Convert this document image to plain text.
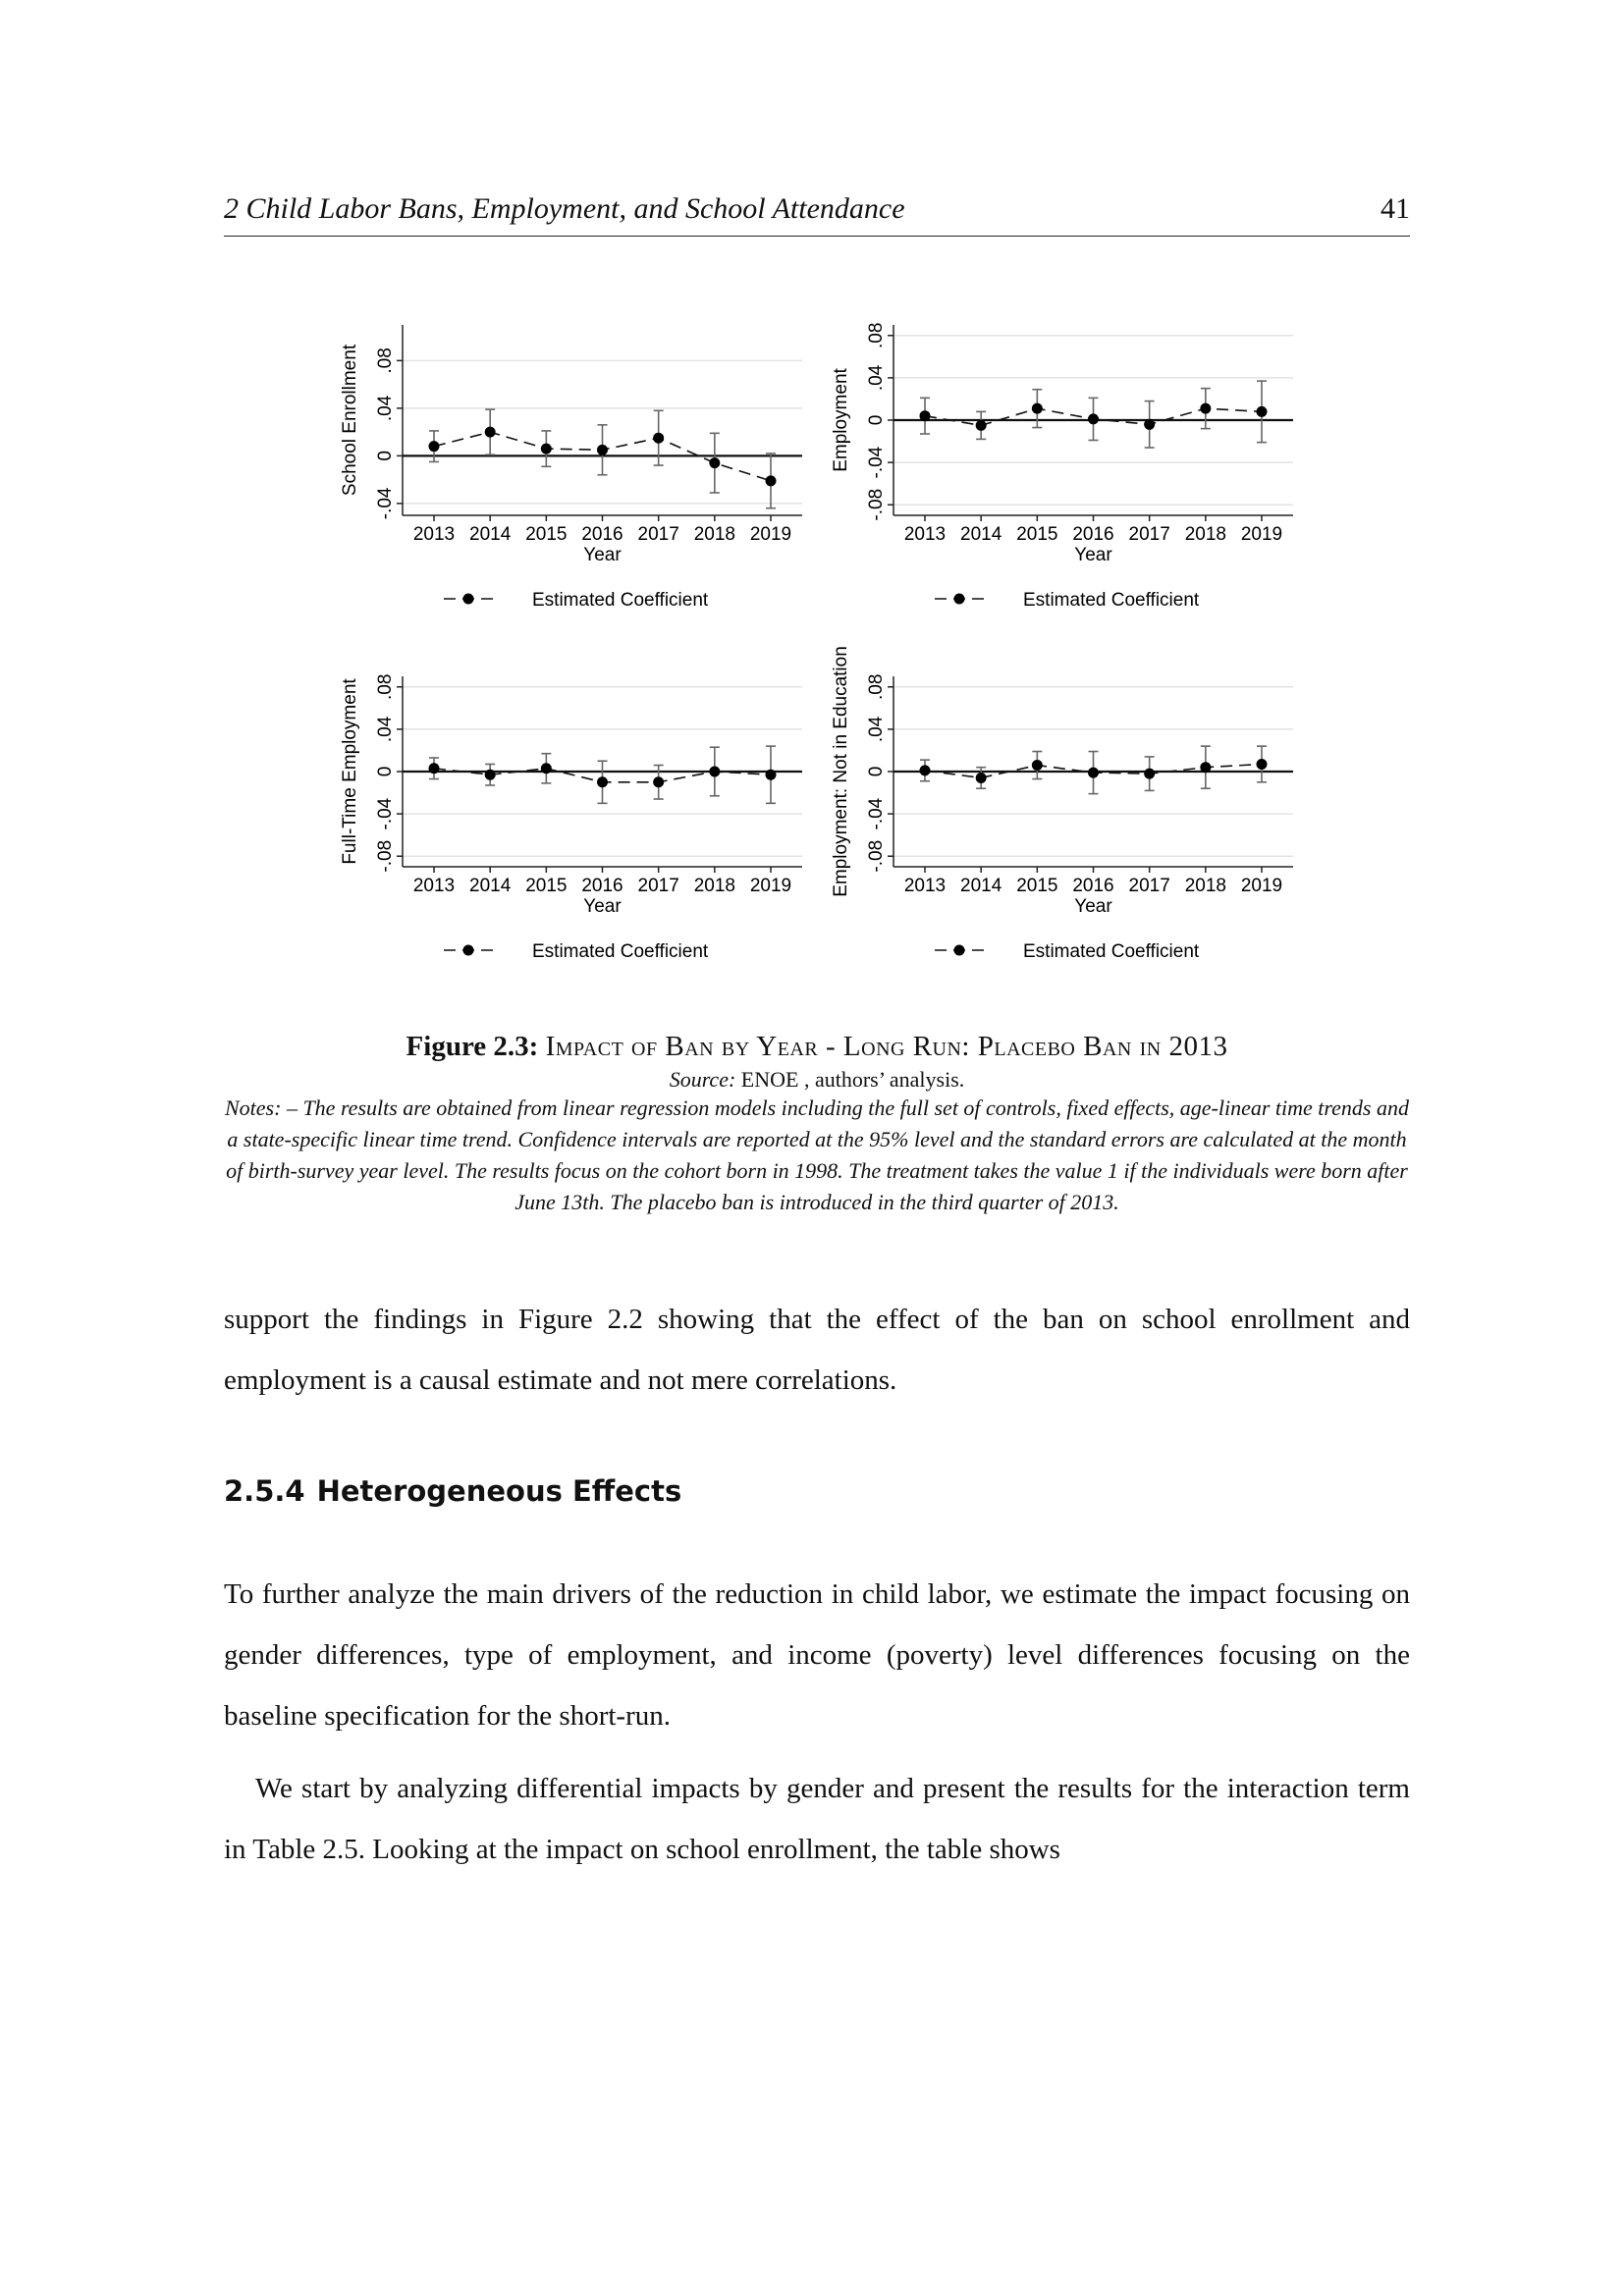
2 Child Labor Bans, Employment, and School Attendance	41
-.04
0
.04
.08
School Enrollment
2013 2014 2015 2016 2017 2018 2019
Year
Estimated Coefficient
-.08
-.04
0
.04
.08
Employment
2013 2014 2015 2016 2017 2018 2019
Year
Estimated Coefficient
-.08
-.04
0
.04
.08
Full-Time Employment
2013 2014 2015 2016 2017 2018 2019
Year
Estimated Coefficient
-.08
-.04
0
.04
.08
Employment: Not in Education	2013 2014 2015 2016 2017 2018 2019
Year
Estimated Coefficient

Figure 2.3: Impact of Ban by Year - Long Run: Placebo Ban in 2013

Source: ENOE , authors’ analysis.

Notes: – The results are obtained from linear regression models including the full set of controls, fixed effects, age-linear time trends and a state-specific linear time trend. Confidence intervals are reported at the 95% level and the standard errors are calculated at the month of birth-survey year level. The results focus on the cohort born in 1998. The treatment takes the value 1 if the individuals were born after June 13th. The placebo ban is introduced in the third quarter of 2013.

support the findings in Figure 2.2 showing that the effect of the ban on school enrollment and employment is a causal estimate and not mere correlations.

2.5.4 Heterogeneous Effects

To further analyze the main drivers of the reduction in child labor, we estimate the impact focusing on gender differences, type of employment, and income (poverty) level differences focusing on the baseline specification for the short-run.

We start by analyzing differential impacts by gender and present the results for the interaction term in Table 2.5. Looking at the impact on school enrollment, the table shows
